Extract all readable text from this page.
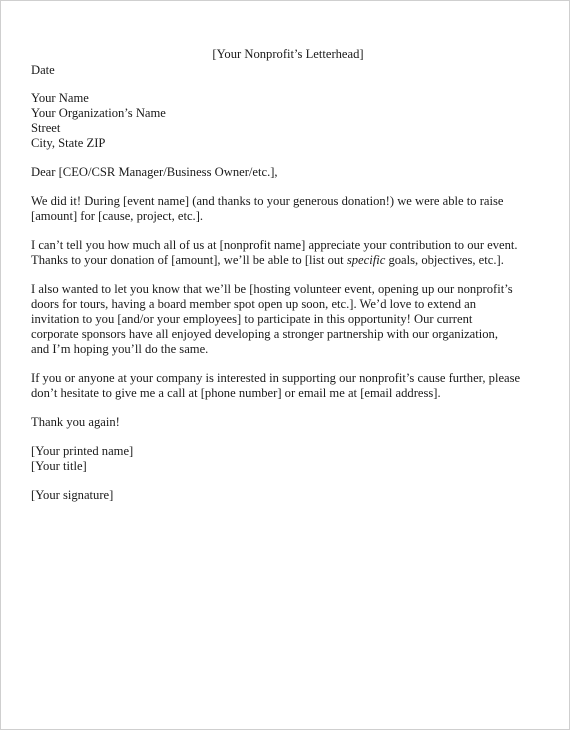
[Your Nonprofit’s Letterhead]
Date
Your Name
Your Organization’s Name
Street
City, State ZIP
Dear [CEO/CSR Manager/Business Owner/etc.],
We did it! During [event name] (and thanks to your generous donation!) we were able to raise
[amount] for [cause, project, etc.].
I can’t tell you how much all of us at [nonprofit name] appreciate your contribution to our event.
Thanks to your donation of [amount], we’ll be able to [list out specific goals, objectives, etc.].
I also wanted to let you know that we’ll be [hosting volunteer event, opening up our nonprofit’s
doors for tours, having a board member spot open up soon, etc.]. We’d love to extend an
invitation to you [and/or your employees] to participate in this opportunity! Our current
corporate sponsors have all enjoyed developing a stronger partnership with our organization,
and I’m hoping you’ll do the same.
If you or anyone at your company is interested in supporting our nonprofit’s cause further, please
don’t hesitate to give me a call at [phone number] or email me at [email address].
Thank you again!
[Your printed name]
[Your title]
[Your signature]
